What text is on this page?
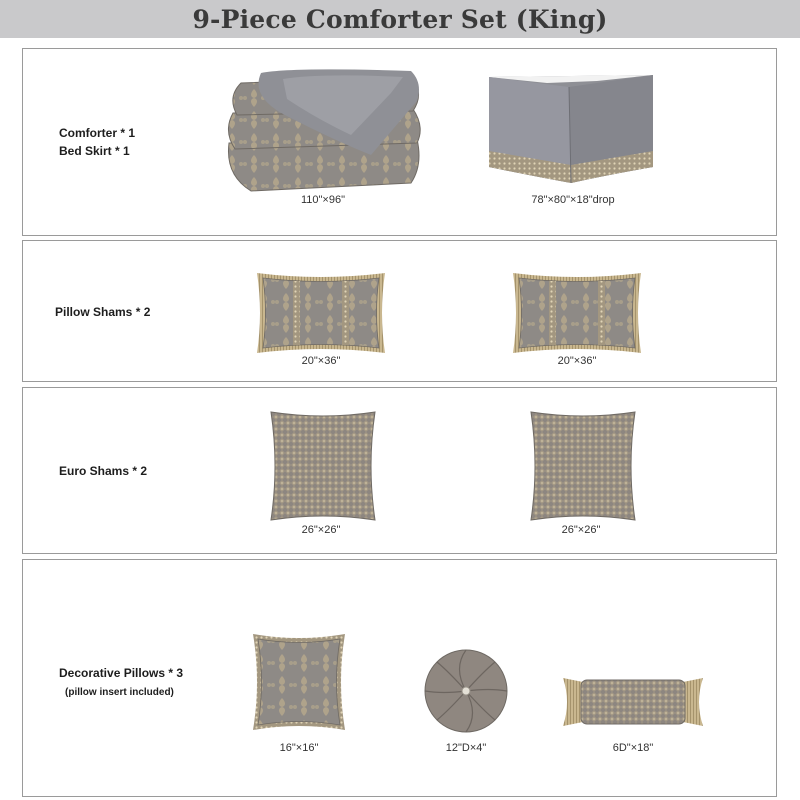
9-Piece Comforter Set (King)
Comforter * 1
Bed Skirt * 1
110"×96"	78"×80"×18"drop
Pillow Shams * 2
20"×36"	20"×36"
Euro Shams * 2
26"×26"	26"×26"
Decorative Pillows * 3
(pillow insert included)
16"×16"	12"D×4"	6D"×18"
